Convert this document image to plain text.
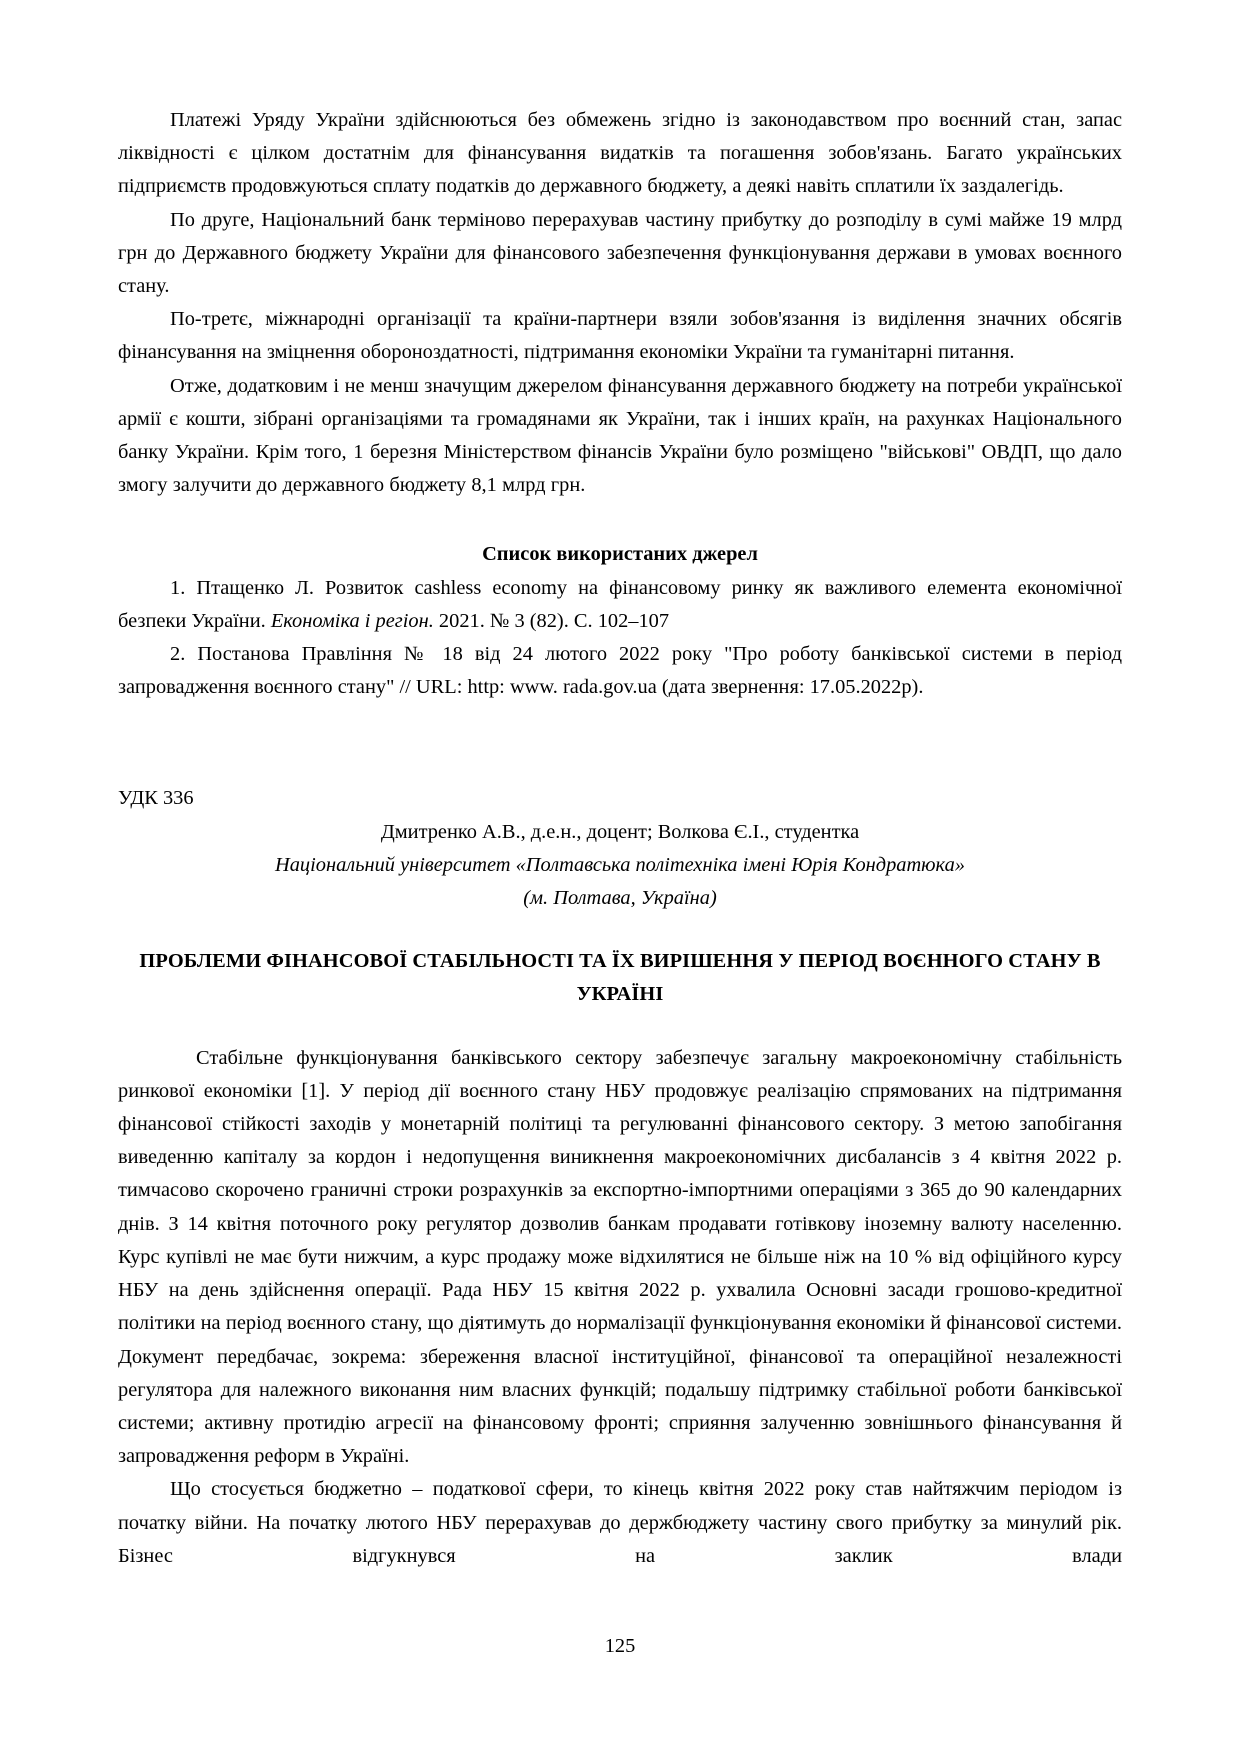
Платежі Уряду України здійснюються без обмежень згідно із законодавством про воєнний стан, запас ліквідності є цілком достатнім для фінансування видатків та погашення зобов'язань. Багато українських підприємств продовжуються сплату податків до державного бюджету, а деякі навіть сплатили їх заздалегідь.

По друге, Національний банк терміново перерахував частину прибутку до розподілу в сумі майже 19 млрд грн до Державного бюджету України для фінансового забезпечення функціонування держави в умовах воєнного стану.

По-третє, міжнародні організації та країни-партнери взяли зобов'язання із виділення значних обсягів фінансування на зміцнення обороноздатності, підтримання економіки України та гуманітарні питання.

Отже, додатковим і не менш значущим джерелом фінансування державного бюджету на потреби української армії є кошти, зібрані організаціями та громадянами як України, так і інших країн, на рахунках Національного банку України. Крім того, 1 березня Міністерством фінансів України було розміщено "військові" ОВДП, що дало змогу залучити до державного бюджету 8,1 млрд грн.

Список використаних джерел

1. Птащенко Л. Розвиток cashless economy на фінансовому ринку як важливого елемента економічної безпеки України. Економіка і регіон. 2021. № 3 (82). С. 102–107

2. Постанова Правління № 18 від 24 лютого 2022 року "Про роботу банківської системи в період запровадження воєнного стану" // URL: http: www. rada.gov.ua (дата звернення: 17.05.2022р).

УДК 336

Дмитренко А.В., д.е.н., доцент; Волкова Є.І., студентка

Національний університет «Полтавська політехніка імені Юрія Кондратюка»

(м. Полтава, Україна)

ПРОБЛЕМИ ФІНАНСОВОЇ СТАБІЛЬНОСТІ ТА ЇХ ВИРІШЕННЯ У ПЕРІОД ВОЄННОГО СТАНУ В УКРАЇНІ

Стабільне функціонування банківського сектору забезпечує загальну макроекономічну стабільність ринкової економіки [1]. У період дії воєнного стану НБУ продовжує реалізацію спрямованих на підтримання фінансової стійкості заходів у монетарній політиці та регулюванні фінансового сектору. З метою запобігання виведенню капіталу за кордон і недопущення виникнення макроекономічних дисбалансів з 4 квітня 2022 р. тимчасово скорочено граничні строки розрахунків за експортно-імпортними операціями з 365 до 90 календарних днів. З 14 квітня поточного року регулятор дозволив банкам продавати готівкову іноземну валюту населенню. Курс купівлі не має бути нижчим, а курс продажу може відхилятися не більше ніж на 10 % від офіційного курсу НБУ на день здійснення операції. Рада НБУ 15 квітня 2022 р. ухвалила Основні засади грошово-кредитної політики на період воєнного стану, що діятимуть до нормалізації функціонування економіки й фінансової системи. Документ передбачає, зокрема: збереження власної інституційної, фінансової та операційної незалежності регулятора для належного виконання ним власних функцій; подальшу підтримку стабільної роботи банківської системи; активну протидію агресії на фінансовому фронті; сприяння залученню зовнішнього фінансування й запровадження реформ в Україні.

Що стосується бюджетно – податкової сфери, то кінець квітня 2022 року став найтяжчим періодом із початку війни. На початку лютого НБУ перерахував до держбюджету частину свого прибутку за минулий рік. Бізнес відгукнувся на заклик влади

125
